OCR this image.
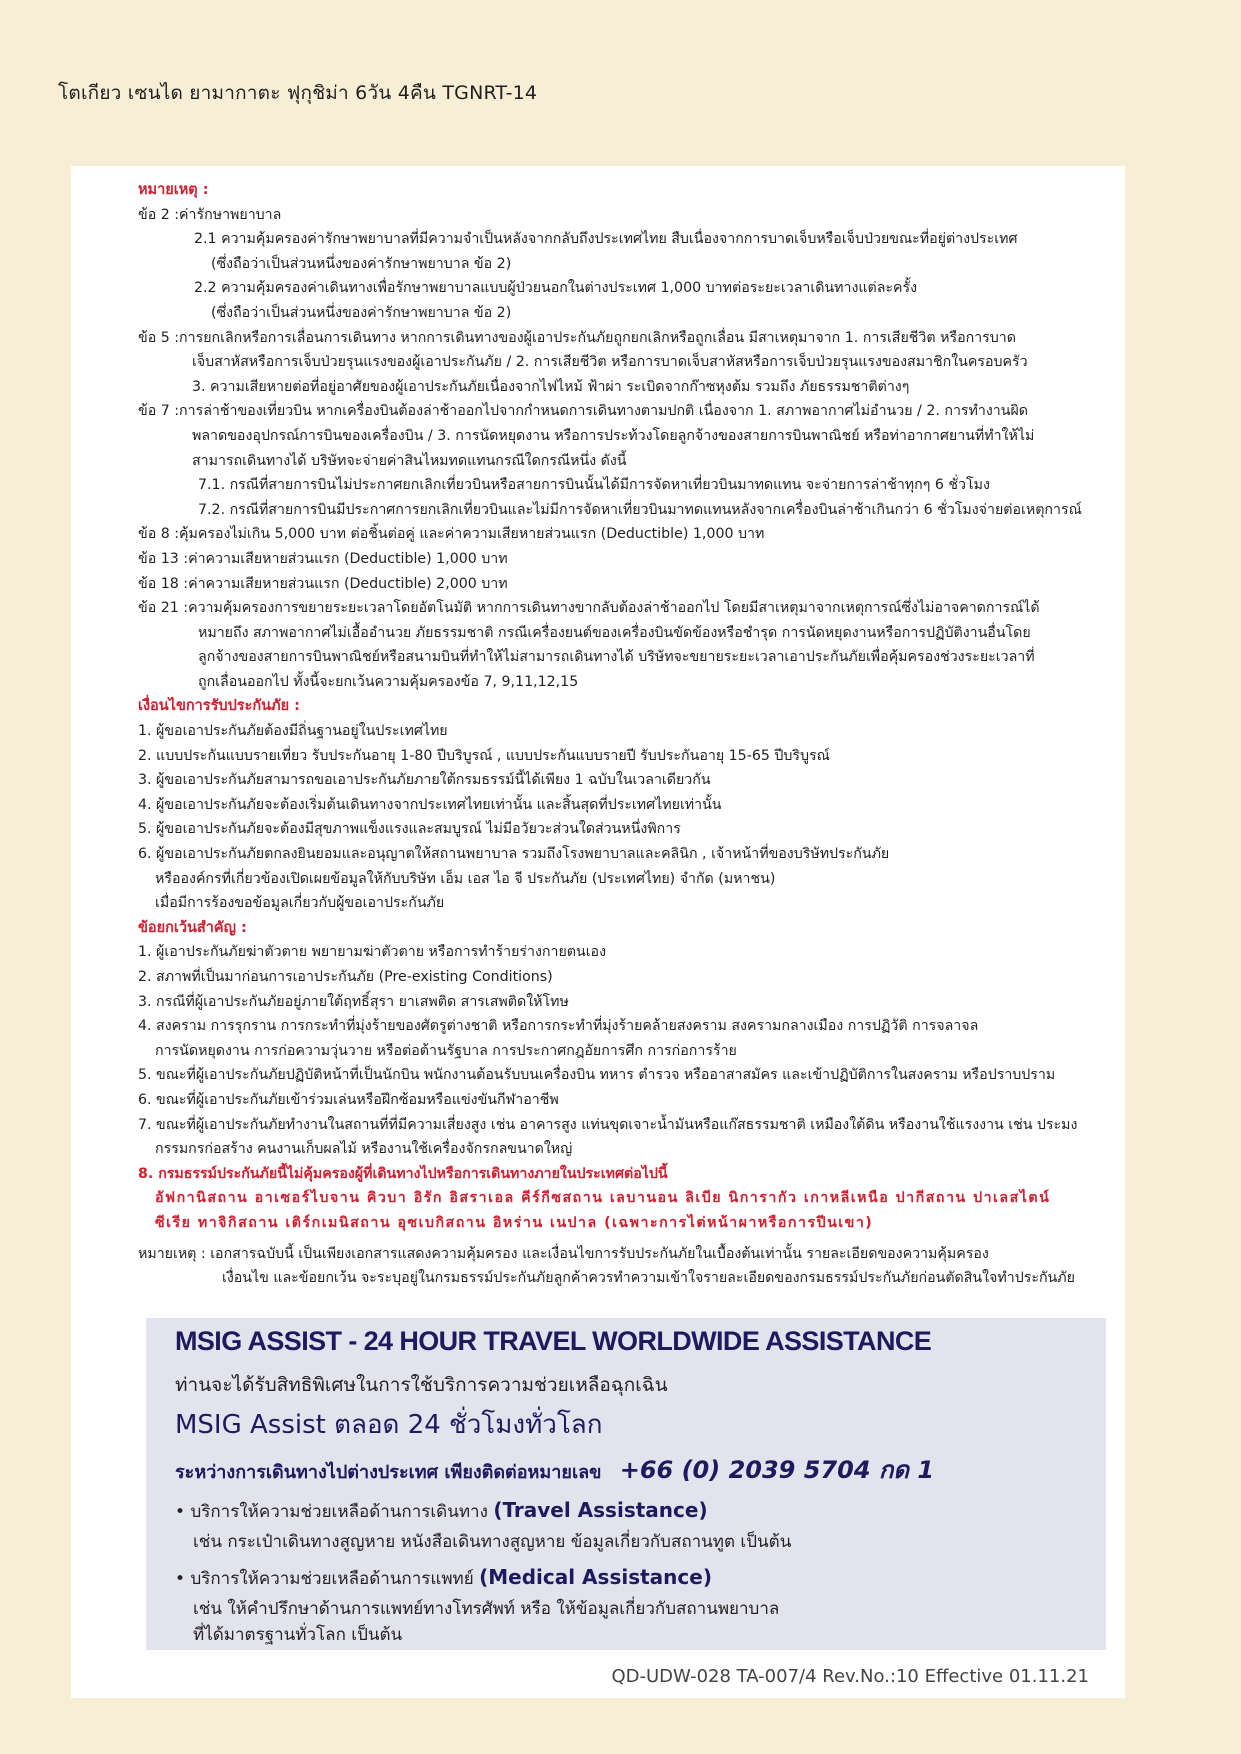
โตเกียว เซนได ยามากาตะ ฟุกุชิม่า 6วัน 4คืน TGNRT-14
หมายเหตุ :
ข้อ 2 : ค่ารักษาพยาบาล
2.1 ความคุ้มครองค่ารักษาพยาบาลที่มีความจำเป็นหลังจากกลับถึงประเทศไทย สืบเนื่องจากการบาดเจ็บหรือเจ็บป่วยขณะที่อยู่ต่างประเทศ
(ซึ่งถือว่าเป็นส่วนหนึ่งของค่ารักษาพยาบาล ข้อ 2)
2.2 ความคุ้มครองค่าเดินทางเพื่อรักษาพยาบาลแบบผู้ป่วยนอกในต่างประเทศ 1,000 บาทต่อระยะเวลาเดินทางแต่ละครั้ง
(ซึ่งถือว่าเป็นส่วนหนึ่งของค่ารักษาพยาบาล ข้อ 2)
ข้อ 5 : การยกเลิกหรือการเลื่อนการเดินทาง หากการเดินทางของผู้เอาประกันภัยถูกยกเลิกหรือถูกเลื่อน มีสาเหตุมาจาก 1. การเสียชีวิต หรือการบาด
เจ็บสาหัสหรือการเจ็บป่วยรุนแรงของผู้เอาประกันภัย / 2. การเสียชีวิต หรือการบาดเจ็บสาหัสหรือการเจ็บป่วยรุนแรงของสมาชิกในครอบครัว
3. ความเสียหายต่อที่อยู่อาศัยของผู้เอาประกันภัยเนื่องจากไฟไหม้ ฟ้าผ่า ระเบิดจากก๊าซหุงต้ม รวมถึง ภัยธรรมชาติต่างๆ
ข้อ 7 : การล่าช้าของเที่ยวบิน หากเครื่องบินต้องล่าช้าออกไปจากกำหนดการเดินทางตามปกติ เนื่องจาก 1. สภาพอากาศไม่อำนวย / 2. การทำงานผิด
พลาดของอุปกรณ์การบินของเครื่องบิน / 3. การนัดหยุดงาน หรือการประท้วงโดยลูกจ้างของสายการบินพาณิชย์ หรือท่าอากาศยานที่ทำให้ไม่
สามารถเดินทางได้ บริษัทจะจ่ายค่าสินไหมทดแทนกรณีใดกรณีหนึ่ง ดังนี้
7.1. กรณีที่สายการบินไม่ประกาศยกเลิกเที่ยวบินหรือสายการบินนั้นได้มีการจัดหาเที่ยวบินมาทดแทน จะจ่ายการล่าช้าทุกๆ 6 ชั่วโมง
7.2. กรณีที่สายการบินมีประกาศการยกเลิกเที่ยวบินและไม่มีการจัดหาเที่ยวบินมาทดแทนหลังจากเครื่องบินล่าช้าเกินกว่า 6 ชั่วโมงจ่ายต่อเหตุการณ์
ข้อ 8 : คุ้มครองไม่เกิน 5,000 บาท ต่อชิ้นต่อคู่ และค่าความเสียหายส่วนแรก (Deductible) 1,000 บาท
ข้อ 13 : ค่าความเสียหายส่วนแรก (Deductible) 1,000 บาท
ข้อ 18 : ค่าความเสียหายส่วนแรก (Deductible) 2,000 บาท
ข้อ 21 : ความคุ้มครองการขยายระยะเวลาโดยอัตโนมัติ หากการเดินทางขากลับต้องล่าช้าออกไป โดยมีสาเหตุมาจากเหตุการณ์ซึ่งไม่อาจคาดการณ์ได้
หมายถึง สภาพอากาศไม่เอื้ออำนวย ภัยธรรมชาติ กรณีเครื่องยนต์ของเครื่องบินขัดข้องหรือชำรุด การนัดหยุดงานหรือการปฏิบัติงานอื่นโดย
ลูกจ้างของสายการบินพาณิชย์หรือสนามบินที่ทำให้ไม่สามารถเดินทางได้ บริษัทจะขยายระยะเวลาเอาประกันภัยเพื่อคุ้มครองช่วงระยะเวลาที่
ถูกเลื่อนออกไป ทั้งนี้จะยกเว้นความคุ้มครองข้อ 7, 9,11,12,15
เงื่อนไขการรับประกันภัย :
1. ผู้ขอเอาประกันภัยต้องมีถิ่นฐานอยู่ในประเทศไทย
2. แบบประกันแบบรายเที่ยว รับประกันอายุ 1-80 ปีบริบูรณ์ , แบบประกันแบบรายปี รับประกันอายุ 15-65 ปีบริบูรณ์
3. ผู้ขอเอาประกันภัยสามารถขอเอาประกันภัยภายใต้กรมธรรม์นี้ได้เพียง 1 ฉบับในเวลาเดียวกัน
4. ผู้ขอเอาประกันภัยจะต้องเริ่มต้นเดินทางจากประเทศไทยเท่านั้น และสิ้นสุดที่ประเทศไทยเท่านั้น
5. ผู้ขอเอาประกันภัยจะต้องมีสุขภาพแข็งแรงและสมบูรณ์ ไม่มีอวัยวะส่วนใดส่วนหนึ่งพิการ
6. ผู้ขอเอาประกันภัยตกลงยินยอมและอนุญาตให้สถานพยาบาล รวมถึงโรงพยาบาลและคลินิก , เจ้าหน้าที่ของบริษัทประกันภัย
หรือองค์กรที่เกี่ยวข้องเปิดเผยข้อมูลให้กับบริษัท เอ็ม เอส ไอ จี ประกันภัย (ประเทศไทย) จำกัด (มหาชน)
เมื่อมีการร้องขอข้อมูลเกี่ยวกับผู้ขอเอาประกันภัย
ข้อยกเว้นสำคัญ :
1. ผู้เอาประกันภัยฆ่าตัวตาย พยายามฆ่าตัวตาย หรือการทำร้ายร่างกายตนเอง
2. สภาพที่เป็นมาก่อนการเอาประกันภัย (Pre-existing Conditions)
3. กรณีที่ผู้เอาประกันภัยอยู่ภายใต้ฤทธิ์สุรา ยาเสพติด สารเสพติดให้โทษ
4. สงคราม การรุกราน การกระทำที่มุ่งร้ายของศัตรูต่างชาติ หรือการกระทำที่มุ่งร้ายคล้ายสงคราม สงครามกลางเมือง การปฏิวัติ การจลาจล
การนัดหยุดงาน การก่อความวุ่นวาย หรือต่อต้านรัฐบาล การประกาศกฎอัยการศึก การก่อการร้าย
5. ขณะที่ผู้เอาประกันภัยปฏิบัติหน้าที่เป็นนักบิน พนักงานต้อนรับบนเครื่องบิน ทหาร ตำรวจ หรืออาสาสมัคร และเข้าปฏิบัติการในสงคราม หรือปราบปราม
6. ขณะที่ผู้เอาประกันภัยเข้าร่วมเล่นหรือฝึกซ้อมหรือแข่งขันกีฬาอาชีพ
7. ขณะที่ผู้เอาประกันภัยทำงานในสถานที่ที่มีความเสี่ยงสูง เช่น อาคารสูง แท่นขุดเจาะน้ำมันหรือแก๊สธรรมชาติ เหมืองใต้ดิน หรืองานใช้แรงงาน เช่น ประมง
กรรมกรก่อสร้าง คนงานเก็บผลไม้ หรืองานใช้เครื่องจักรกลขนาดใหญ่
8. กรมธรรม์ประกันภัยนี้ไม่คุ้มครองผู้ที่เดินทางไปหรือการเดินทางภายในประเทศต่อไปนี้
อัฟกานิสถาน อาเซอร์ไบจาน คิวบา อิรัก อิสราเอล คีร์กีซสถาน เลบานอน ลิเบีย นิการากัว เกาหลีเหนือ ปากีสถาน ปาเลสไตน์
ซีเรีย ทาจิกิสถาน เติร์กเมนิสถาน อุซเบกิสถาน อิหร่าน เนปาล (เฉพาะการไต่หน้าผาหรือการปีนเขา)
หมายเหตุ : เอกสารฉบับนี้ เป็นเพียงเอกสารแสดงความคุ้มครอง และเงื่อนไขการรับประกันภัยในเบื้องต้นเท่านั้น รายละเอียดของความคุ้มครอง
เงื่อนไข และข้อยกเว้น จะระบุอยู่ในกรมธรรม์ประกันภัยลูกค้าควรทำความเข้าใจรายละเอียดของกรมธรรม์ประกันภัยก่อนตัดสินใจทำประกันภัย
MSIG ASSIST - 24 HOUR TRAVEL WORLDWIDE ASSISTANCE
ท่านจะได้รับสิทธิพิเศษในการใช้บริการความช่วยเหลือฉุกเฉิน
MSIG Assist ตลอด 24 ชั่วโมงทั่วโลก
ระหว่างการเดินทางไปต่างประเทศ เพียงติดต่อหมายเลข +66 (0) 2039 5704 กด 1
• บริการให้ความช่วยเหลือด้านการเดินทาง (Travel Assistance)
เช่น กระเป๋าเดินทางสูญหาย หนังสือเดินทางสูญหาย ข้อมูลเกี่ยวกับสถานทูต เป็นต้น
• บริการให้ความช่วยเหลือด้านการแพทย์ (Medical Assistance)
เช่น ให้คำปรึกษาด้านการแพทย์ทางโทรศัพท์ หรือ ให้ข้อมูลเกี่ยวกับสถานพยาบาล
ที่ได้มาตรฐานทั่วโลก เป็นต้น
QD-UDW-028 TA-007/4 Rev.No.:10 Effective 01.11.21
